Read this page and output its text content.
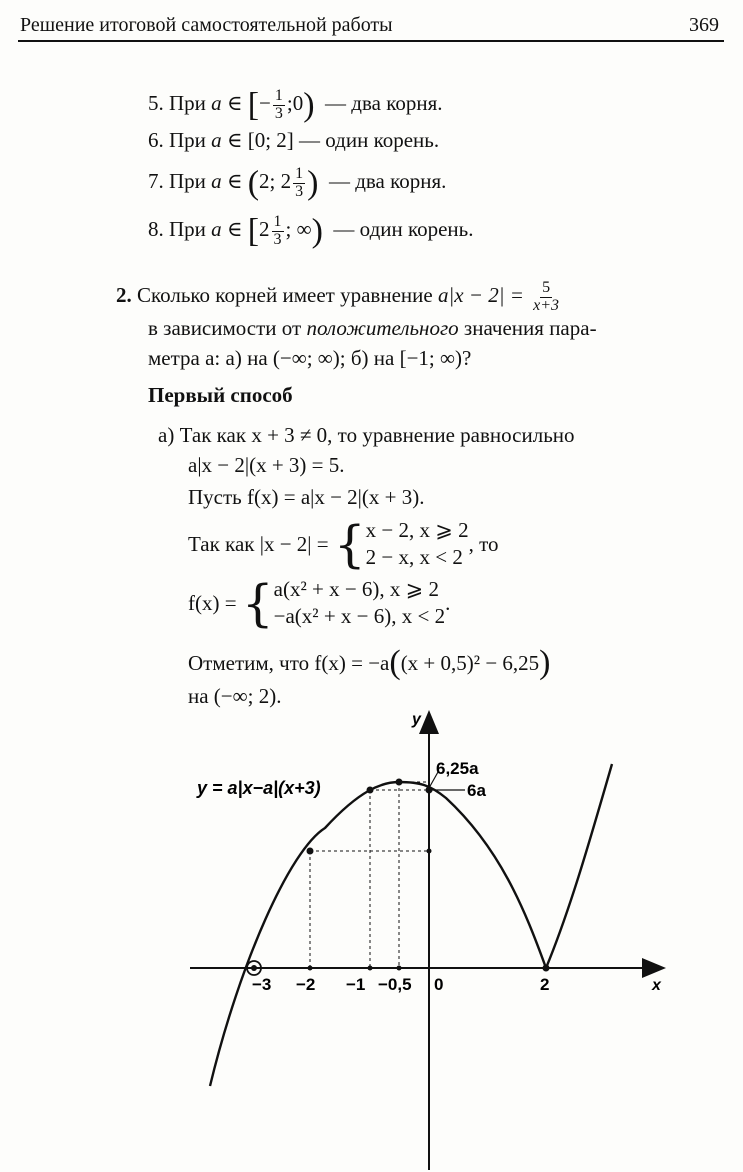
Решение итоговой самостоятельной работы	369
5. При a ∈ [− $\frac{1}{3}$ ;0) — два корня.
6. При a ∈ [0; 2] — один корень.
7. При a ∈ (2; $2 \frac{1}{3}$ ) — два корня.
8. При a ∈ [$2 \frac{1}{3}$ ; ∞) — один корень.
2. Сколько корней имеет уравнение $a|x - 2| = \frac{5}{x+3}$
в зависимости от положительного значения пара-
метра a: а) на (−∞; ∞); б) на [−1; ∞)?
Первый способ
а) Так как x + 3 ≠ 0, то уравнение равносильно
a|x − 2|(x + 3) = 5.
Пусть f(x) = a|x − 2|(x + 3).
Так как |x − 2| = { x − 2, x ⩾ 2
2 − x, x < 2
, то
f(x) = { a(x² + x − 6), x ⩾ 2
−a(x² + x − 6), x < 2
.
Отметим, что f(x) = −a((x + 0,5)² − 6,25)
на (−∞; 2).
y = a|x−a|(x+3)
y
x
6,25a
6a
−3 −2 −1 −0,5 0	2
